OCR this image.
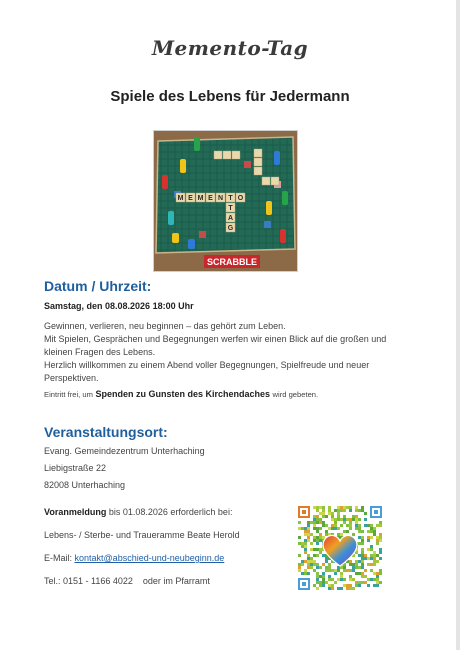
Memento-Tag
Spiele des Lebens für Jedermann
M E M E N T O
T
A
G
SCRABBLE
Datum / Uhrzeit:
Samstag, den 08.08.2026 18:00 Uhr
Gewinnen, verlieren, neu beginnen – das gehört zum Leben.
Mit Spielen, Gesprächen und Begegnungen werfen wir einen Blick auf die großen und
kleinen Fragen des Lebens.
Herzlich willkommen zu einem Abend voller Begegnungen, Spielfreude und neuer
Perspektiven.
Eintritt frei, um Spenden zu Gunsten des Kirchendaches wird gebeten.
Veranstaltungsort:
Evang. Gemeindezentrum Unterhaching
Liebigstraße 22
82008 Unterhaching
Voranmeldung bis 01.08.2026 erforderlich bei:
Lebens- / Sterbe- und Traueramme Beate Herold
E-Mail: kontakt@abschied-und-neubeginn.de
Tel.: 0151 - 1166 4022    oder im Pfarramt
